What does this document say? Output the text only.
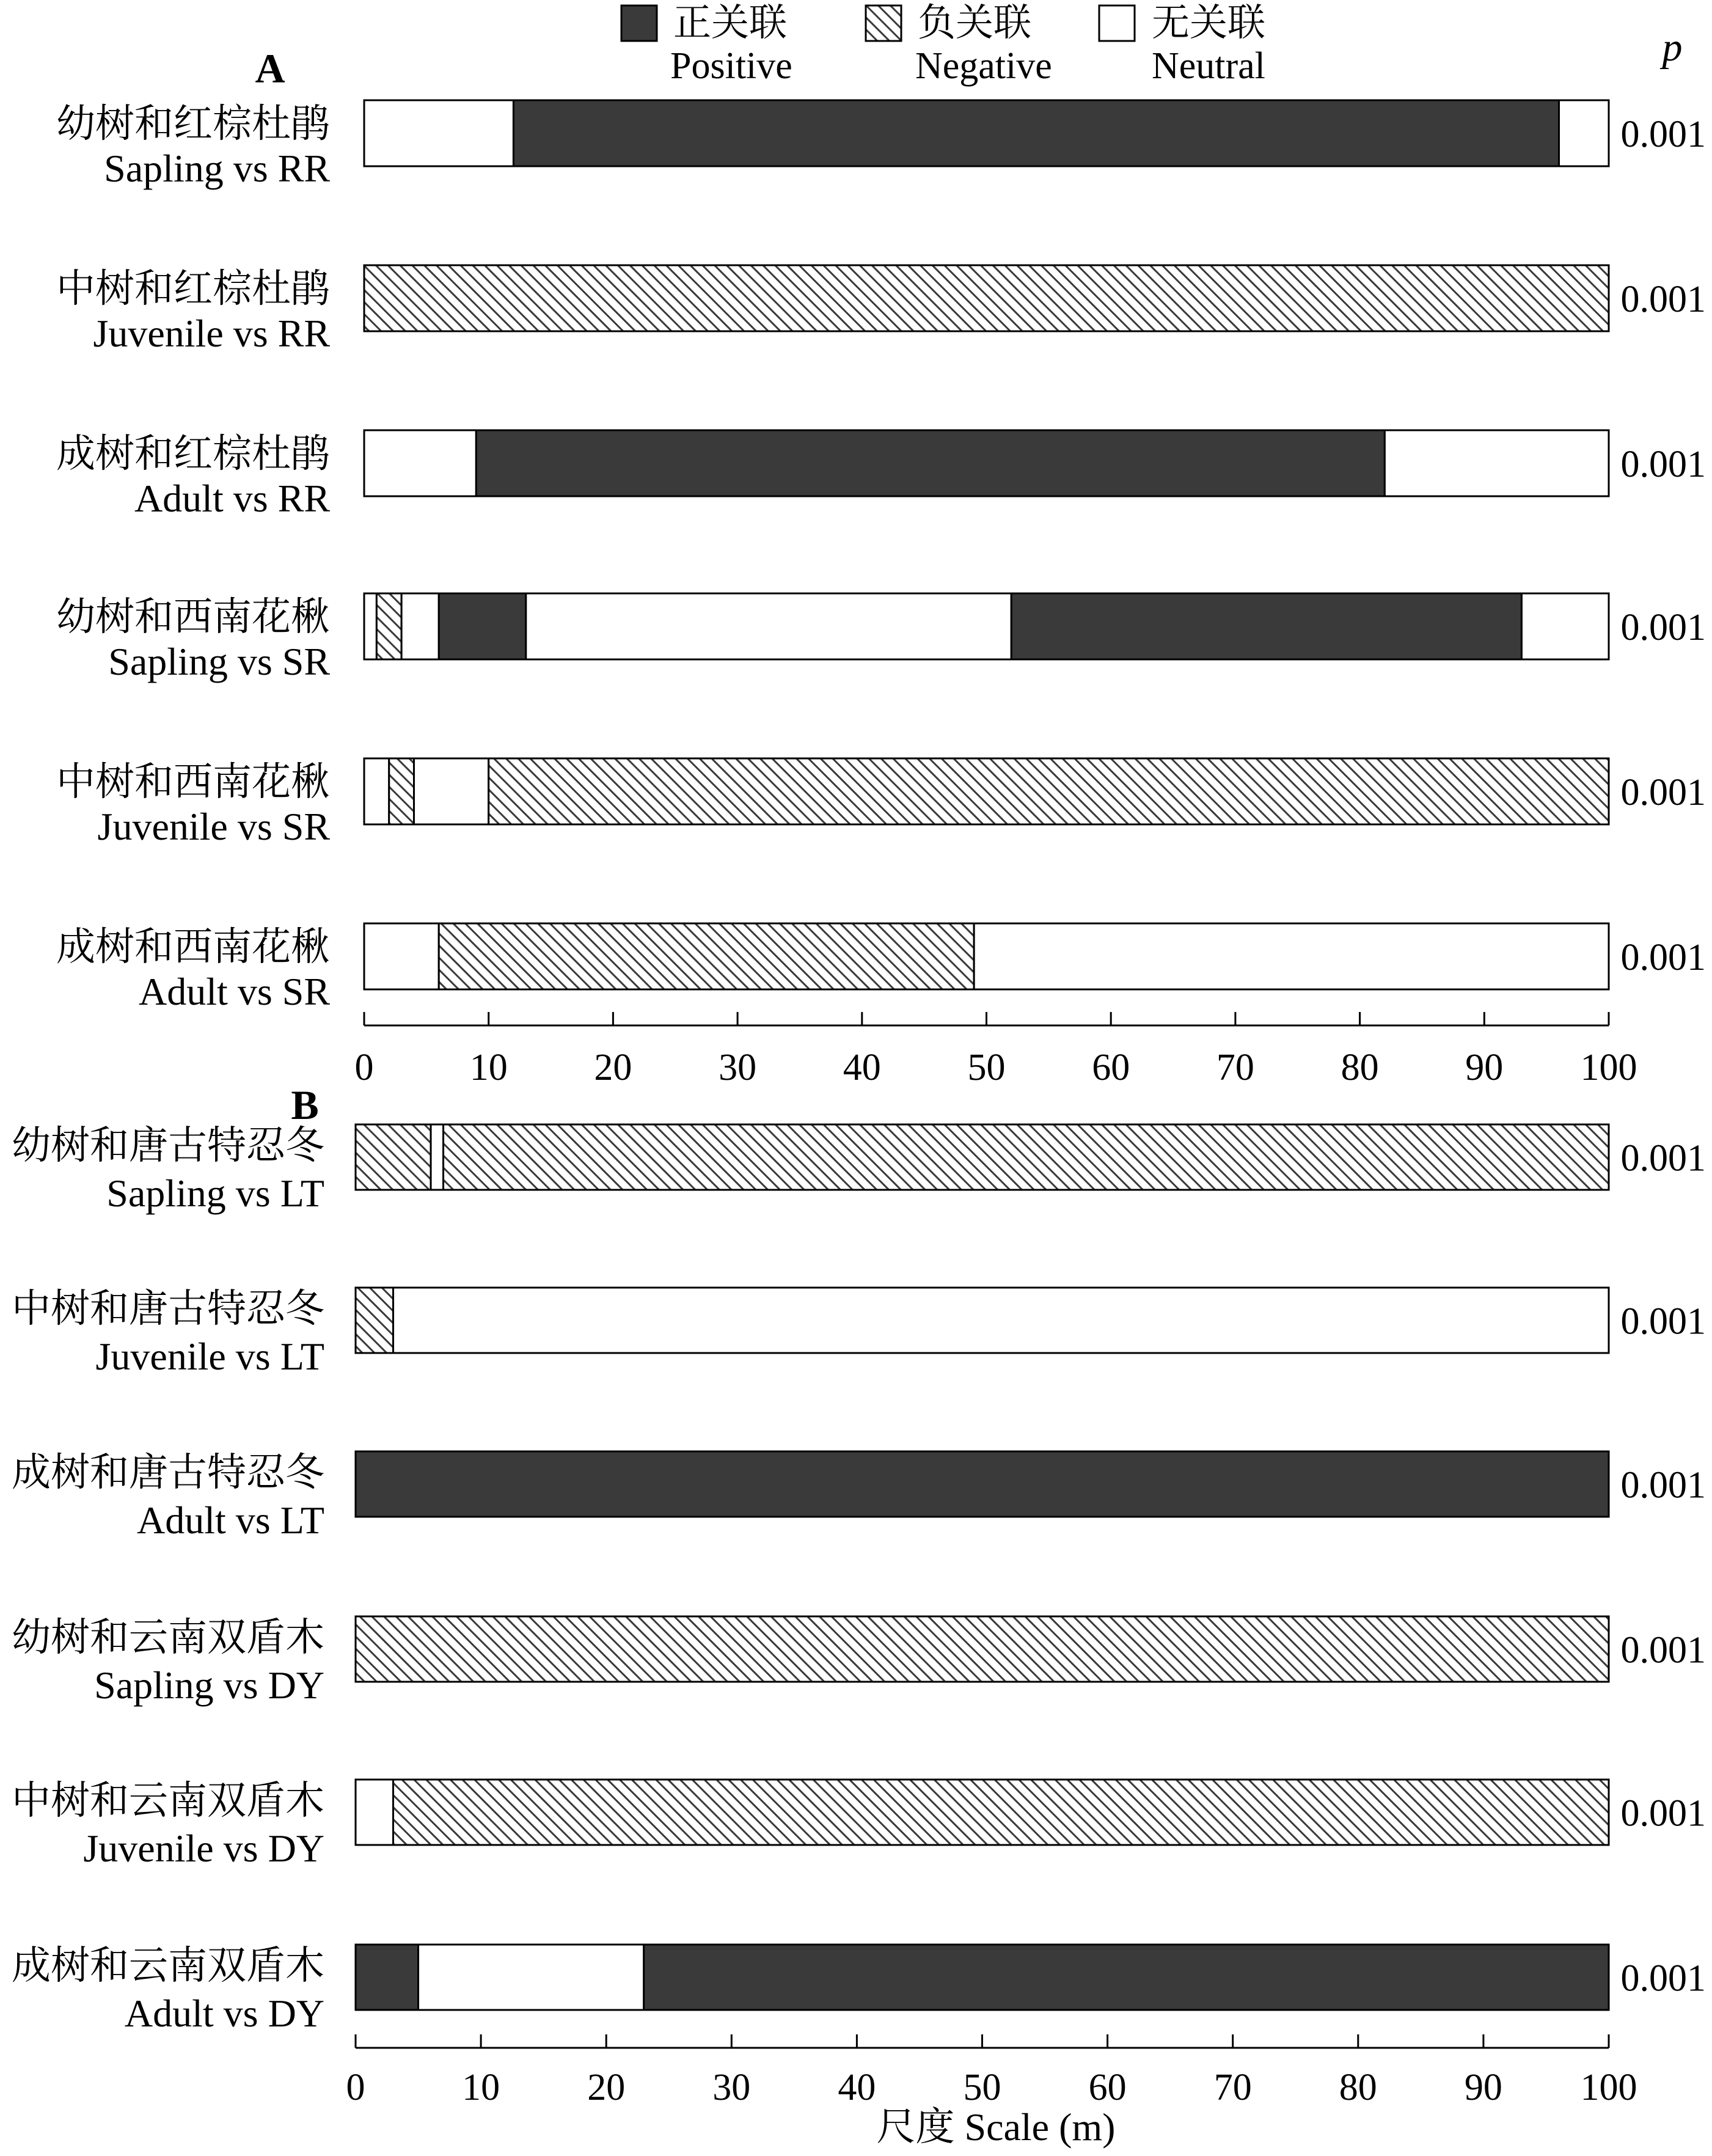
正关联
Positive
负关联
Negative
无关联
Neutral	p
A
幼树和红棕杜鹃
Sapling vs RR
0.001
中树和红棕杜鹃
Juvenile vs RR
0.001
成树和红棕杜鹃
Adult vs RR
0.001
幼树和西南花楸
Sapling vs SR
0.001
中树和西南花楸
Juvenile vs SR
0.001
成树和西南花楸
Adult vs SR
0.001
0	10 20 30 40 50 60 70 80 90 100
B
幼树和唐古特忍冬
Sapling vs LT
0.001
中树和唐古特忍冬
Juvenile vs LT
0.001
成树和唐古特忍冬
Adult vs LT
0.001
幼树和云南双盾木
Sapling vs DY
0.001
中树和云南双盾木
Juvenile vs DY
0.001
成树和云南双盾木
Adult vs DY
0.001
0	10 20 30 40 50 60 70 80 90 100
尺度 Scale (m)
